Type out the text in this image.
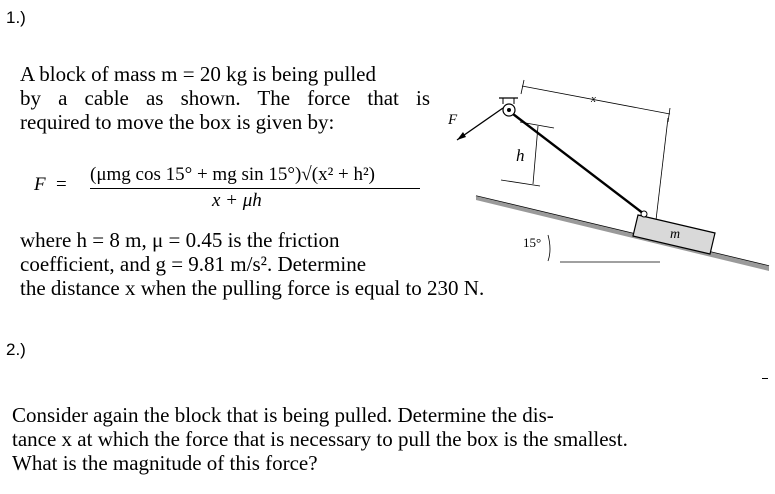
1.)
A block of mass m = 20 kg is being pulled
by a cable as shown. The force that is
required to move the box is given by:
F = (μmg cos 15° + mg sin 15°)√(x² + h²)
x + μh
where h = 8 m, μ = 0.45 is the friction
coefficient, and g = 9.81 m/s². Determine
the distance x when the pulling force is equal to 230 N.
F
h
x
m
15°
2.)
Consider again the block that is being pulled. Determine the dis-
tance x at which the force that is necessary to pull the box is the smallest.
What is the magnitude of this force?
